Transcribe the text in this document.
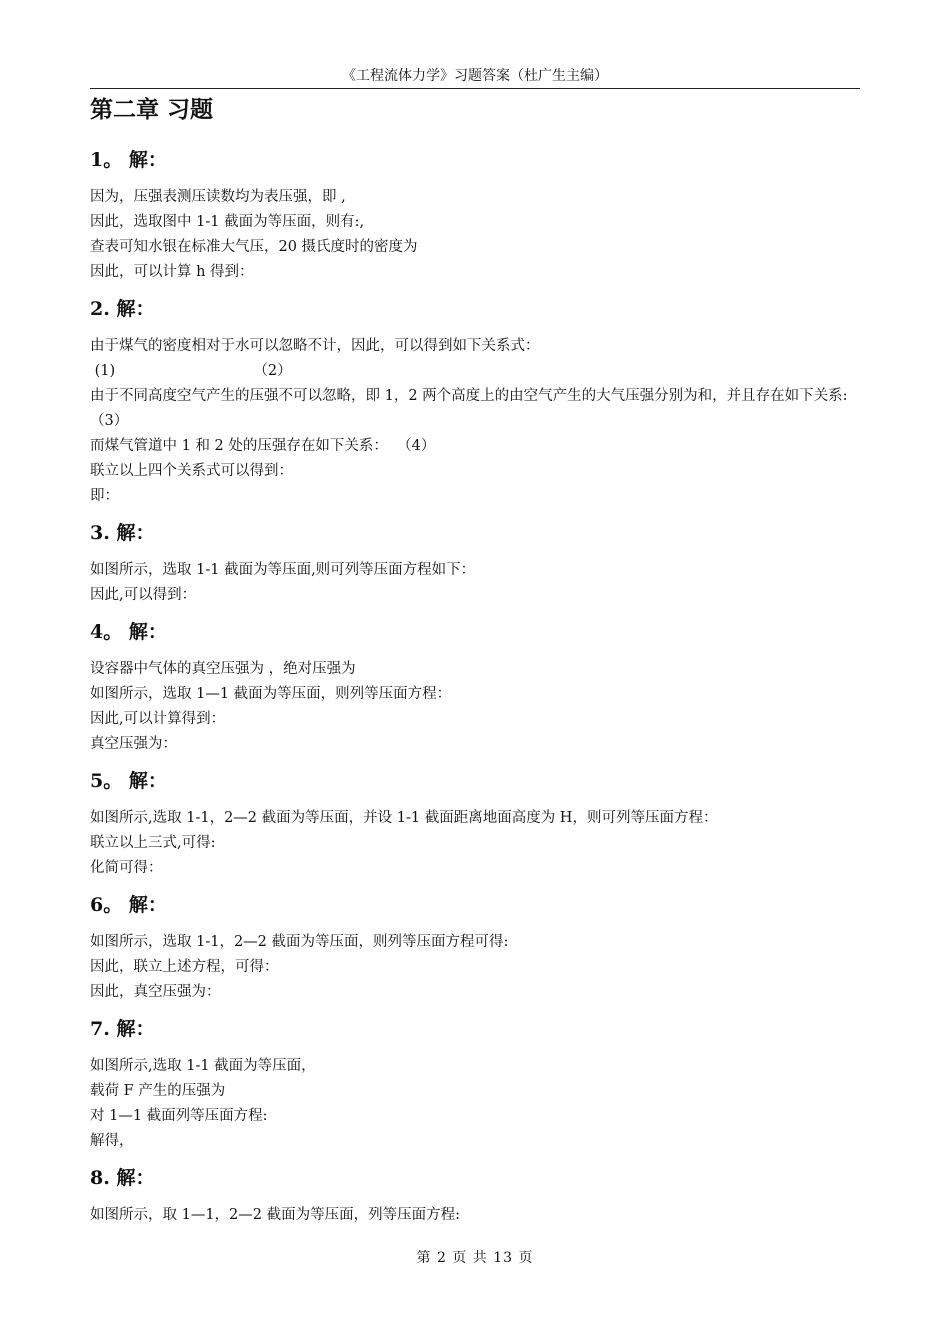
《工程流体力学》习题答案（杜广生主编）
第二章 习题
1。 解：
因为，压强表测压读数均为表压强，即 ,
因此，选取图中 1-1 截面为等压面，则有:,
查表可知水银在标准大气压，20 摄氏度时的密度为
因此，可以计算 h 得到：
2. 解：
由于煤气的密度相对于水可以忽略不计，因此，可以得到如下关系式：
(1)                              （2）
由于不同高度空气产生的压强不可以忽略，即 1，2 两个高度上的由空气产生的大气压强分别为和，并且存在如下关系:（3）
而煤气管道中 1 和 2 处的压强存在如下关系：  （4）
联立以上四个关系式可以得到：
即：
3. 解：
如图所示，选取 1-1 截面为等压面,则可列等压面方程如下：
因此,可以得到：
4。 解：
设容器中气体的真空压强为 ，绝对压强为
如图所示，选取 1—1 截面为等压面，则列等压面方程：
因此,可以计算得到：
真空压强为：
5。 解：
如图所示,选取 1-1，2—2 截面为等压面，并设 1-1 截面距离地面高度为 H，则可列等压面方程：
联立以上三式,可得:
化简可得：
6。 解：
如图所示，选取 1-1，2—2 截面为等压面，则列等压面方程可得:
因此，联立上述方程，可得：
因此，真空压强为：
7. 解：
如图所示,选取 1-1 截面为等压面，
载荷 F 产生的压强为
对 1—1 截面列等压面方程:
解得，
8. 解：
如图所示，取 1—1，2—2 截面为等压面，列等压面方程:
第 2 页 共 13 页
